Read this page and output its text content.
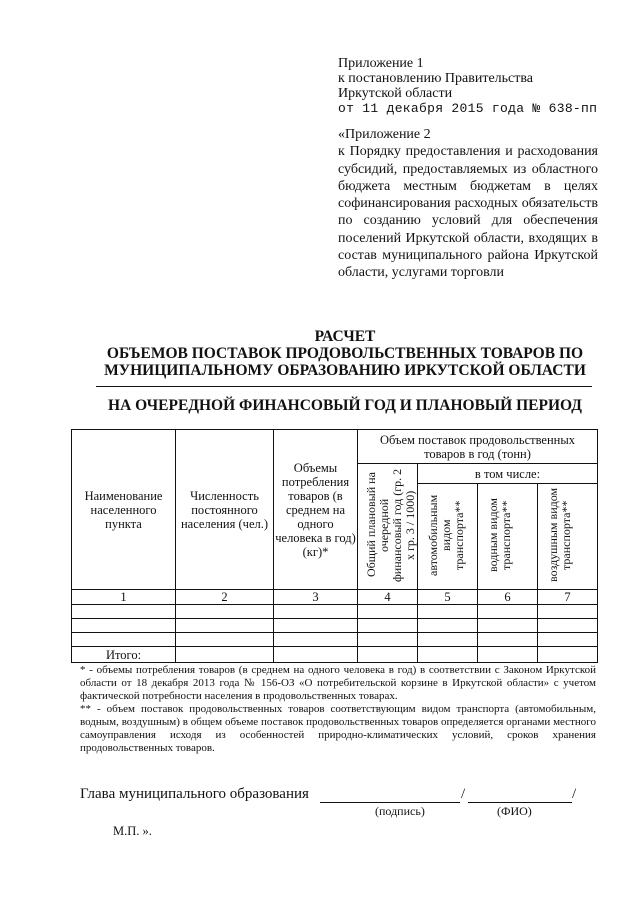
Приложение 1
к постановлению Правительства
Иркутской области
от 11 декабря 2015 года № 638-пп

«Приложение 2

к Порядку предоставления и расходования субсидий, предоставляемых из областного бюджета местным бюджетам в целях софинансирования расходных обязательств по созданию условий для обеспечения поселений Иркутской области, входящих в состав муниципального района Иркутской области, услугами торговли

РАСЧЕТ
ОБЪЕМОВ ПОСТАВОК ПРОДОВОЛЬСТВЕННЫХ ТОВАРОВ ПО
МУНИЦИПАЛЬНОМУ ОБРАЗОВАНИЮ ИРКУТСКОЙ ОБЛАСТИ
НА ОЧЕРЕДНОЙ ФИНАНСОВЫЙ ГОД И ПЛАНОВЫЙ ПЕРИОД
Наименование населенного пункта	Численность постоянного населения (чел.)	Объемы потребления товаров (в среднем на одного человека в год) (кг)*	Объем поставок продовольственных товаров в год (тонн)			
			Общий плановый на очередной финансовый год (гр. 2 х гр. 3 / 1000)	в том числе:		
				автомобильным видом транспорта**	водным видом транспорта**	воздушным видом транспорта**
1	2	3	4	5	6	7

Итого:						

* - объемы потребления товаров (в среднем на одного человека в год) в соответствии с Законом Иркутской области от 18 декабря 2013 года № 156-ОЗ «О потребительской корзине в Иркутской области» с учетом фактической потребности населения в продовольственных товарах.

** - объем поставок продовольственных товаров соответствующим видом транспорта (автомобильным, водным, воздушным) в общем объеме поставок продовольственных товаров определяется органами местного самоуправления исходя из особенностей природно-климатических условий, сроков хранения продовольственных товаров.

Глава муниципального образования	/	/
(подпись)	(ФИО)
М.П. ».
